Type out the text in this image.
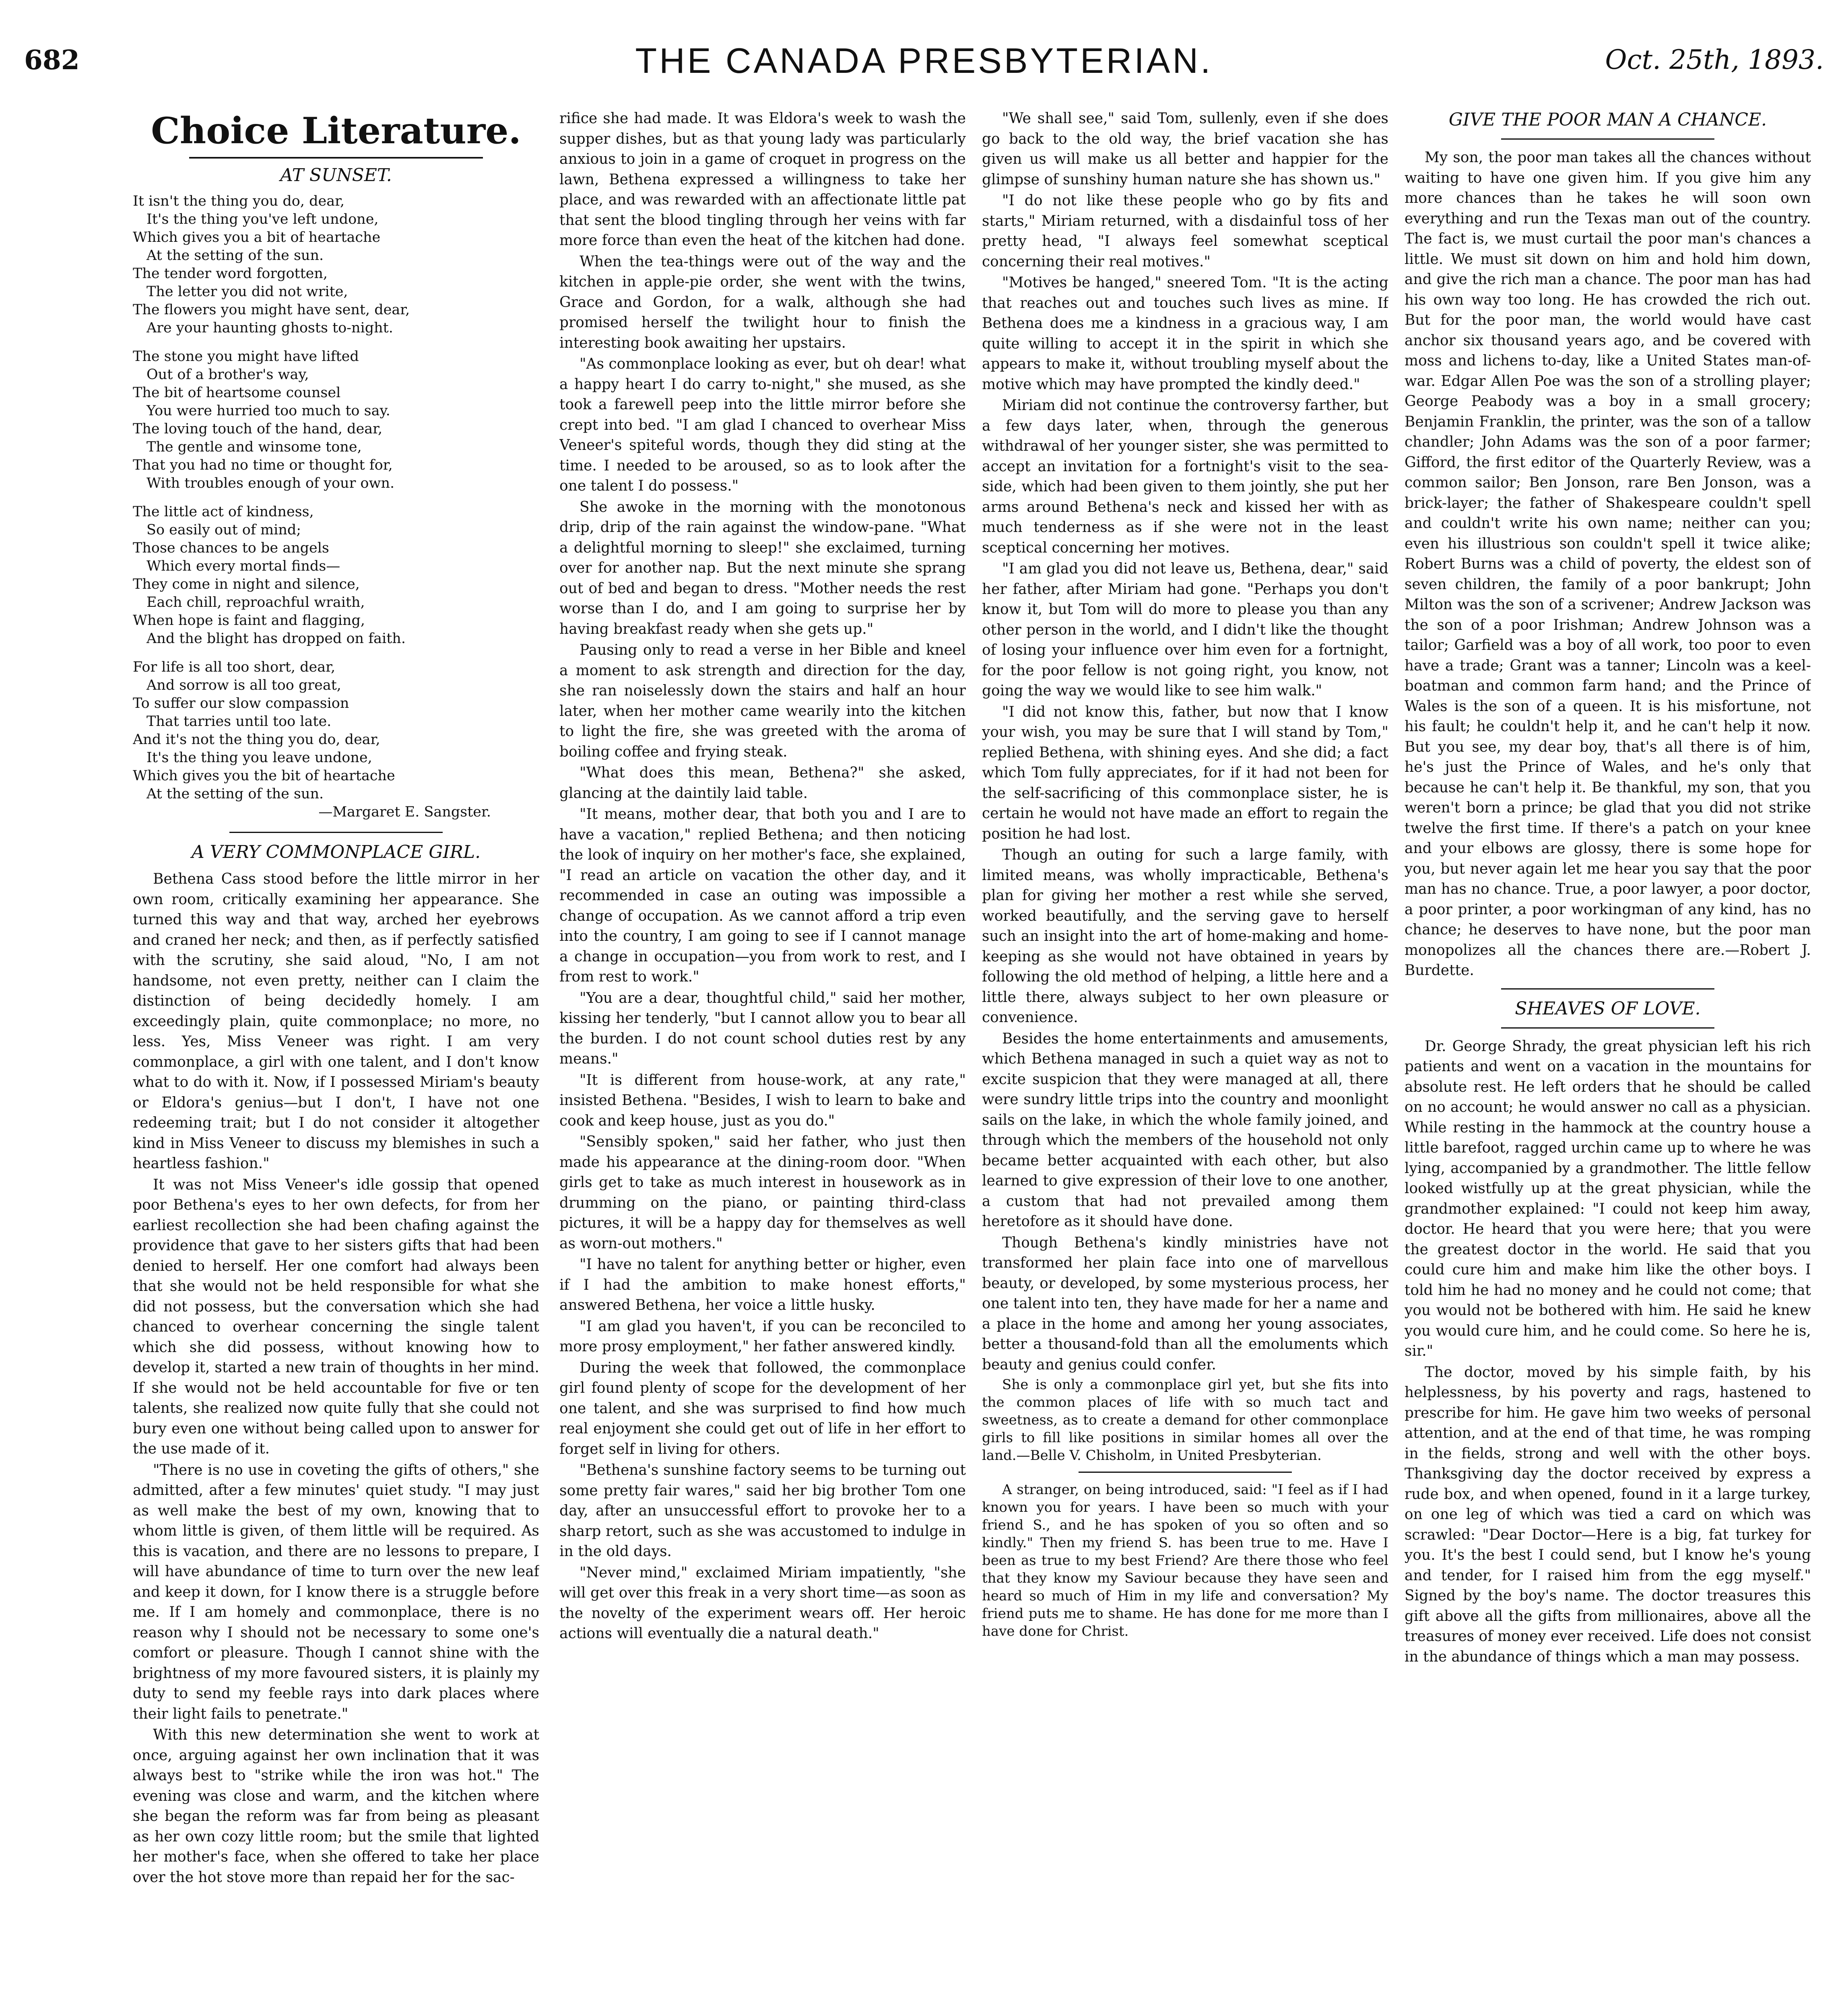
682	THE CANADA PRESBYTERIAN.	Oct. 25th, 1893.
Choice Literature.
AT SUNSET.
It isn't the thing you do, dear,
It's the thing you've left undone,
Which gives you a bit of heartache
At the setting of the sun.
The tender word forgotten,
The letter you did not write,
The flowers you might have sent, dear,
Are your haunting ghosts to-night.
The stone you might have lifted
Out of a brother's way,
The bit of heartsome counsel
You were hurried too much to say.
The loving touch of the hand, dear,
The gentle and winsome tone,
That you had no time or thought for,
With troubles enough of your own.
The little act of kindness,
So easily out of mind;
Those chances to be angels
Which every mortal finds—
They come in night and silence,
Each chill, reproachful wraith,
When hope is faint and flagging,
And the blight has dropped on faith.
For life is all too short, dear,
And sorrow is all too great,
To suffer our slow compassion
That tarries until too late.
And it's not the thing you do, dear,
It's the thing you leave undone,
Which gives you the bit of heartache
At the setting of the sun.
—Margaret E. Sangster.
A VERY COMMONPLACE GIRL.

Bethena Cass stood before the little mirror in her own room, critically examining her appearance. She turned this way and that way, arched her eyebrows and craned her neck; and then, as if perfectly satisfied with the scrutiny, she said aloud, "No, I am not handsome, not even pretty, neither can I claim the distinction of being decidedly homely. I am exceedingly plain, quite commonplace; no more, no less. Yes, Miss Veneer was right. I am very commonplace, a girl with one talent, and I don't know what to do with it. Now, if I possessed Miriam's beauty or Eldora's genius—but I don't, I have not one redeeming trait; but I do not consider it altogether kind in Miss Veneer to discuss my blemishes in such a heartless fashion."

It was not Miss Veneer's idle gossip that opened poor Bethena's eyes to her own defects, for from her earliest recollection she had been chafing against the providence that gave to her sisters gifts that had been denied to herself. Her one comfort had always been that she would not be held responsible for what she did not possess, but the conversation which she had chanced to overhear concerning the single talent which she did possess, without knowing how to develop it, started a new train of thoughts in her mind. If she would not be held accountable for five or ten talents, she realized now quite fully that she could not bury even one without being called upon to answer for the use made of it.

"There is no use in coveting the gifts of others," she admitted, after a few minutes' quiet study. "I may just as well make the best of my own, knowing that to whom little is given, of them little will be required. As this is vacation, and there are no lessons to prepare, I will have abundance of time to turn over the new leaf and keep it down, for I know there is a struggle before me. If I am homely and commonplace, there is no reason why I should not be necessary to some one's comfort or pleasure. Though I cannot shine with the brightness of my more favoured sisters, it is plainly my duty to send my feeble rays into dark places where their light fails to penetrate."

With this new determination she went to work at once, arguing against her own inclination that it was always best to "strike while the iron was hot." The evening was close and warm, and the kitchen where she began the reform was far from being as pleasant as her own cozy little room; but the smile that lighted her mother's face, when she offered to take her place over the hot stove more than repaid her for the sac-

rifice she had made. It was Eldora's week to wash the supper dishes, but as that young lady was particularly anxious to join in a game of croquet in progress on the lawn, Bethena expressed a willingness to take her place, and was rewarded with an affectionate little pat that sent the blood tingling through her veins with far more force than even the heat of the kitchen had done.

When the tea-things were out of the way and the kitchen in apple-pie order, she went with the twins, Grace and Gordon, for a walk, although she had promised herself the twilight hour to finish the interesting book awaiting her upstairs.

"As commonplace looking as ever, but oh dear! what a happy heart I do carry to-night," she mused, as she took a farewell peep into the little mirror before she crept into bed. "I am glad I chanced to overhear Miss Veneer's spiteful words, though they did sting at the time. I needed to be aroused, so as to look after the one talent I do possess."

She awoke in the morning with the monotonous drip, drip of the rain against the window-pane. "What a delightful morning to sleep!" she exclaimed, turning over for another nap. But the next minute she sprang out of bed and began to dress. "Mother needs the rest worse than I do, and I am going to surprise her by having breakfast ready when she gets up."

Pausing only to read a verse in her Bible and kneel a moment to ask strength and direction for the day, she ran noiselessly down the stairs and half an hour later, when her mother came wearily into the kitchen to light the fire, she was greeted with the aroma of boiling coffee and frying steak.

"What does this mean, Bethena?" she asked, glancing at the daintily laid table.

"It means, mother dear, that both you and I are to have a vacation," replied Bethena; and then noticing the look of inquiry on her mother's face, she explained, "I read an article on vacation the other day, and it recommended in case an outing was impossible a change of occupation. As we cannot afford a trip even into the country, I am going to see if I cannot manage a change in occupation—you from work to rest, and I from rest to work."

"You are a dear, thoughtful child," said her mother, kissing her tenderly, "but I cannot allow you to bear all the burden. I do not count school duties rest by any means."

"It is different from house-work, at any rate," insisted Bethena. "Besides, I wish to learn to bake and cook and keep house, just as you do."

"Sensibly spoken," said her father, who just then made his appearance at the dining-room door. "When girls get to take as much interest in housework as in drumming on the piano, or painting third-class pictures, it will be a happy day for themselves as well as worn-out mothers."

"I have no talent for anything better or higher, even if I had the ambition to make honest efforts," answered Bethena, her voice a little husky.

"I am glad you haven't, if you can be reconciled to more prosy employment," her father answered kindly.

During the week that followed, the commonplace girl found plenty of scope for the development of her one talent, and she was surprised to find how much real enjoyment she could get out of life in her effort to forget self in living for others.

"Bethena's sunshine factory seems to be turning out some pretty fair wares," said her big brother Tom one day, after an unsuccessful effort to provoke her to a sharp retort, such as she was accustomed to indulge in in the old days.

"Never mind," exclaimed Miriam impatiently, "she will get over this freak in a very short time—as soon as the novelty of the experiment wears off. Her heroic actions will eventually die a natural death."

"We shall see," said Tom, sullenly, even if she does go back to the old way, the brief vacation she has given us will make us all better and happier for the glimpse of sunshiny human nature she has shown us."

"I do not like these people who go by fits and starts," Miriam returned, with a disdainful toss of her pretty head, "I always feel somewhat sceptical concerning their real motives."

"Motives be hanged," sneered Tom. "It is the acting that reaches out and touches such lives as mine. If Bethena does me a kindness in a gracious way, I am quite willing to accept it in the spirit in which she appears to make it, without troubling myself about the motive which may have prompted the kindly deed."

Miriam did not continue the controversy farther, but a few days later, when, through the generous withdrawal of her younger sister, she was permitted to accept an invitation for a fortnight's visit to the sea-side, which had been given to them jointly, she put her arms around Bethena's neck and kissed her with as much tenderness as if she were not in the least sceptical concerning her motives.

"I am glad you did not leave us, Bethena, dear," said her father, after Miriam had gone. "Perhaps you don't know it, but Tom will do more to please you than any other person in the world, and I didn't like the thought of losing your influence over him even for a fortnight, for the poor fellow is not going right, you know, not going the way we would like to see him walk."

"I did not know this, father, but now that I know your wish, you may be sure that I will stand by Tom," replied Bethena, with shining eyes. And she did; a fact which Tom fully appreciates, for if it had not been for the self-sacrificing of this commonplace sister, he is certain he would not have made an effort to regain the position he had lost.

Though an outing for such a large family, with limited means, was wholly impracticable, Bethena's plan for giving her mother a rest while she served, worked beautifully, and the serving gave to herself such an insight into the art of home-making and home-keeping as she would not have obtained in years by following the old method of helping, a little here and a little there, always subject to her own pleasure or convenience.

Besides the home entertainments and amusements, which Bethena managed in such a quiet way as not to excite suspicion that they were managed at all, there were sundry little trips into the country and moonlight sails on the lake, in which the whole family joined, and through which the members of the household not only became better acquainted with each other, but also learned to give expression of their love to one another, a custom that had not prevailed among them heretofore as it should have done.

Though Bethena's kindly ministries have not transformed her plain face into one of marvellous beauty, or developed, by some mysterious process, her one talent into ten, they have made for her a name and a place in the home and among her young associates, better a thousand-fold than all the emoluments which beauty and genius could confer.

She is only a commonplace girl yet, but she fits into the common places of life with so much tact and sweetness, as to create a demand for other commonplace girls to fill like positions in similar homes all over the land.—Belle V. Chisholm, in United Presbyterian.

A stranger, on being introduced, said: "I feel as if I had known you for years. I have been so much with your friend S., and he has spoken of you so often and so kindly." Then my friend S. has been true to me. Have I been as true to my best Friend? Are there those who feel that they know my Saviour because they have seen and heard so much of Him in my life and conversation? My friend puts me to shame. He has done for me more than I have done for Christ.

GIVE THE POOR MAN A CHANCE.

My son, the poor man takes all the chances without waiting to have one given him. If you give him any more chances than he takes he will soon own everything and run the Texas man out of the country. The fact is, we must curtail the poor man's chances a little. We must sit down on him and hold him down, and give the rich man a chance. The poor man has had his own way too long. He has crowded the rich out. But for the poor man, the world would have cast anchor six thousand years ago, and be covered with moss and lichens to-day, like a United States man-of-war. Edgar Allen Poe was the son of a strolling player; George Peabody was a boy in a small grocery; Benjamin Franklin, the printer, was the son of a tallow chandler; John Adams was the son of a poor farmer; Gifford, the first editor of the Quarterly Review, was a common sailor; Ben Jonson, rare Ben Jonson, was a brick-layer; the father of Shakespeare couldn't spell and couldn't write his own name; neither can you; even his illustrious son couldn't spell it twice alike; Robert Burns was a child of poverty, the eldest son of seven children, the family of a poor bankrupt; John Milton was the son of a scrivener; Andrew Jackson was the son of a poor Irishman; Andrew Johnson was a tailor; Garfield was a boy of all work, too poor to even have a trade; Grant was a tanner; Lincoln was a keel-boatman and common farm hand; and the Prince of Wales is the son of a queen. It is his misfortune, not his fault; he couldn't help it, and he can't help it now. But you see, my dear boy, that's all there is of him, he's just the Prince of Wales, and he's only that because he can't help it. Be thankful, my son, that you weren't born a prince; be glad that you did not strike twelve the first time. If there's a patch on your knee and your elbows are glossy, there is some hope for you, but never again let me hear you say that the poor man has no chance. True, a poor lawyer, a poor doctor, a poor printer, a poor workingman of any kind, has no chance; he deserves to have none, but the poor man monopolizes all the chances there are.—Robert J. Burdette.

SHEAVES OF LOVE.

Dr. George Shrady, the great physician left his rich patients and went on a vacation in the mountains for absolute rest. He left orders that he should be called on no account; he would answer no call as a physician. While resting in the hammock at the country house a little barefoot, ragged urchin came up to where he was lying, accompanied by a grandmother. The little fellow looked wistfully up at the great physician, while the grandmother explained: "I could not keep him away, doctor. He heard that you were here; that you were the greatest doctor in the world. He said that you could cure him and make him like the other boys. I told him he had no money and he could not come; that you would not be bothered with him. He said he knew you would cure him, and he could come. So here he is, sir."

The doctor, moved by his simple faith, by his helplessness, by his poverty and rags, hastened to prescribe for him. He gave him two weeks of personal attention, and at the end of that time, he was romping in the fields, strong and well with the other boys. Thanksgiving day the doctor received by express a rude box, and when opened, found in it a large turkey, on one leg of which was tied a card on which was scrawled: "Dear Doctor—Here is a big, fat turkey for you. It's the best I could send, but I know he's young and tender, for I raised him from the egg myself." Signed by the boy's name. The doctor treasures this gift above all the gifts from millionaires, above all the treasures of money ever received. Life does not consist in the abundance of things which a man may possess.
